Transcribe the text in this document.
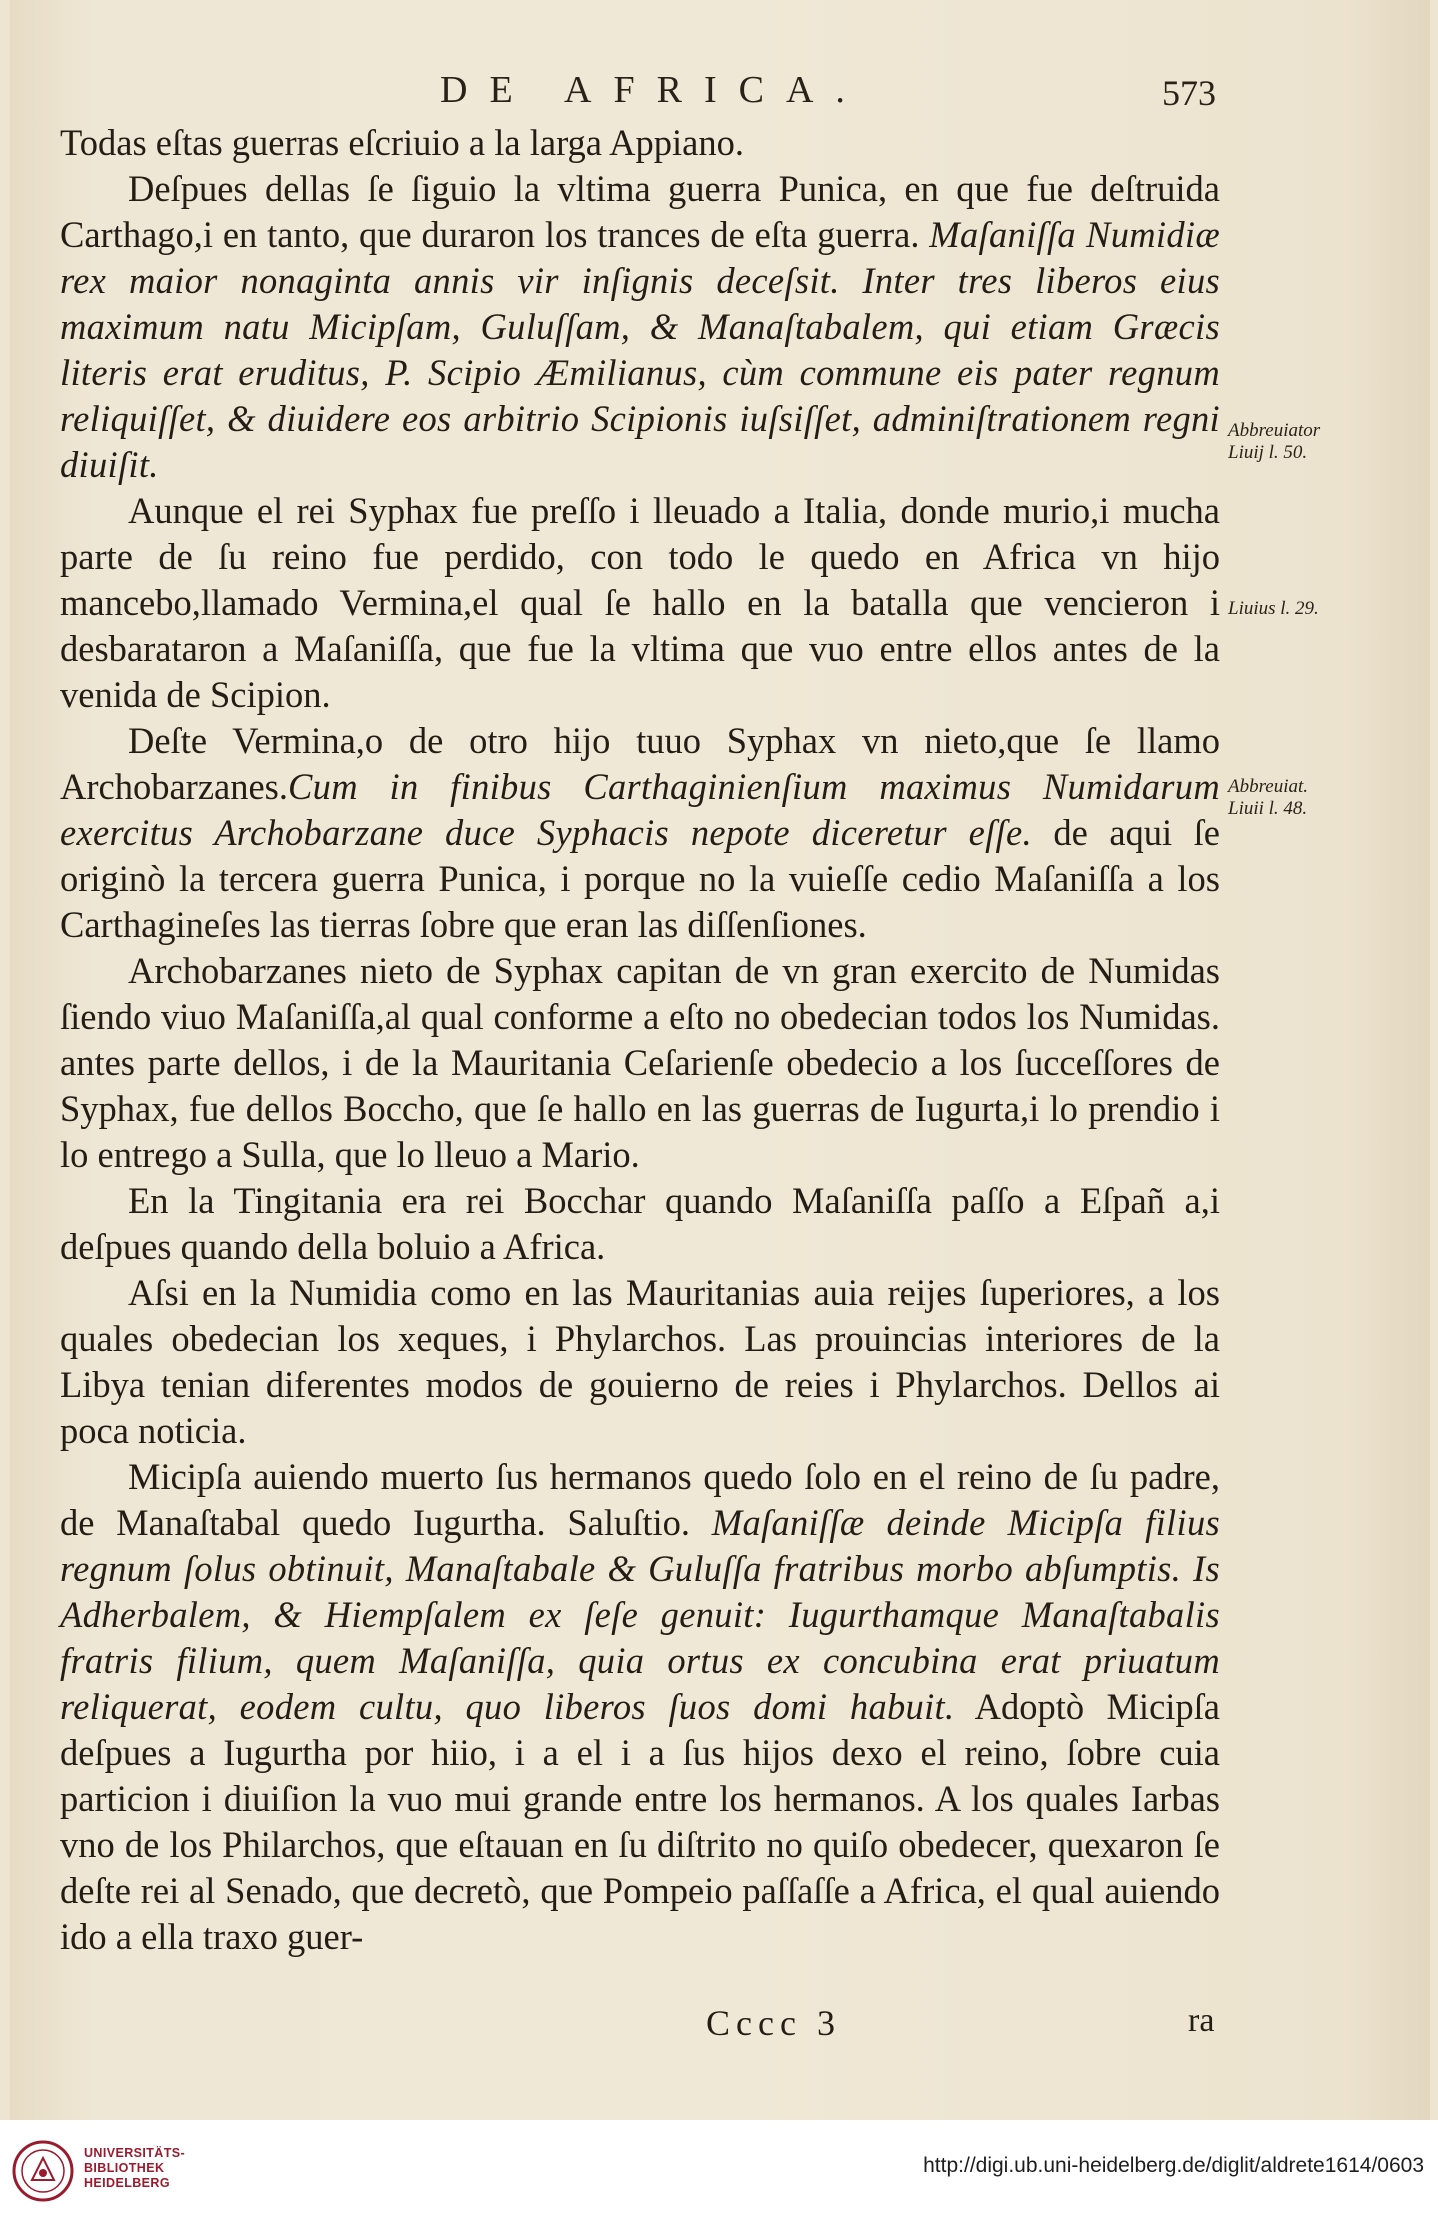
DE AFRICA.	573

Todas eſtas guerras eſcriuio a la larga Appiano.

Deſpues dellas ſe ſiguio la vltima guerra Punica, en que fue deſtruida Carthago,i en tanto, que duraron los trances de eſta guerra. Maſaniſſa Numidiæ rex maior nonaginta annis vir inſignis deceſsit. Inter tres liberos eius maximum natu Micipſam, Guluſſam, & Manaſtabalem, qui etiam Græcis literis erat eruditus, P. Scipio Æmilianus, cùm commune eis pater regnum reliquiſſet, & diuidere eos arbitrio Scipionis iuſsiſſet, adminiſtrationem regni diuiſit.

Aunque el rei Syphax fue preſſo i lleuado a Italia, donde murio,i mucha parte de ſu reino fue perdido, con todo le quedo en Africa vn hijo mancebo,llamado Vermina,el qual ſe hallo en la batalla que vencieron i desbarataron a Maſaniſſa, que fue la vltima que vuo entre ellos antes de la venida de Scipion.

Deſte Vermina,o de otro hijo tuuo Syphax vn nieto,que ſe llamo Archobarzanes.Cum in finibus Carthaginienſium maximus Numidarum exercitus Archobarzane duce Syphacis nepote diceretur eſſe. de aqui ſe originò la tercera guerra Punica, i porque no la vuieſſe cedio Maſaniſſa a los Carthagineſes las tierras ſobre que eran las diſſenſiones.

Archobarzanes nieto de Syphax capitan de vn gran exercito de Numidas ſiendo viuo Maſaniſſa,al qual conforme a eſto no obedecian todos los Numidas. antes parte dellos, i de la Mauritania Ceſarienſe obedecio a los ſucceſſores de Syphax, fue dellos Boccho, que ſe hallo en las guerras de Iugurta,i lo prendio i lo entrego a Sulla, que lo lleuo a Mario.

En la Tingitania era rei Bocchar quando Maſaniſſa paſſo a Eſpañ a,i deſpues quando della boluio a Africa.

Aſsi en la Numidia como en las Mauritanias auia reijes ſuperiores, a los quales obedecian los xeques, i Phylarchos. Las prouincias interiores de la Libya tenian diferentes modos de gouierno de reies i Phylarchos. Dellos ai poca noticia.

Micipſa auiendo muerto ſus hermanos quedo ſolo en el reino de ſu padre, de Manaſtabal quedo Iugurtha. Saluſtio. Maſaniſſæ deinde Micipſa filius regnum ſolus obtinuit, Manaſtabale & Guluſſa fratribus morbo abſumptis. Is Adherbalem, & Hiempſalem ex ſeſe genuit: Iugurthamque Manaſtabalis fratris filium, quem Maſaniſſa, quia ortus ex concubina erat priuatum reliquerat, eodem cultu, quo liberos ſuos domi habuit. Adoptò Micipſa deſpues a Iugurtha por hiio, i a el i a ſus hijos dexo el reino, ſobre cuia particion i diuiſion la vuo mui grande entre los hermanos. A los quales Iarbas vno de los Philarchos, que eſtauan en ſu diſtrito no quiſo obedecer, quexaron ſe deſte rei al Senado, que decretò, que Pompeio paſſaſſe a Africa, el qual auiendo ido a ella traxo guer-

Abbreuiator
Liuij l. 50.
Liuius l. 29.
Abbreuiat.
Liuii l. 48.
Cccc 3	ra
UNIVERSITÄTS-
BIBLIOTHEK
HEIDELBERG
http://digi.ub.uni-heidelberg.de/diglit/aldrete1614/0603
